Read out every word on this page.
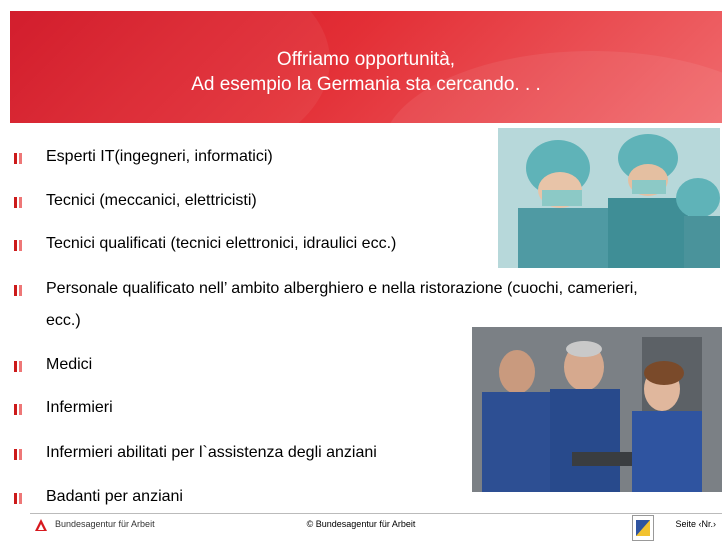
Offriamo opportunità,
Ad esempio la Germania sta cercando. . .
Esperti IT(ingegneri, informatici)
Tecnici (meccanici, elettricisti)
Tecnici qualificati (tecnici elettronici, idraulici ecc.)
Personale qualificato nell’ ambito alberghiero e nella ristorazione (cuochi, camerieri,
ecc.)
Medici
Infermieri
Infermieri abilitati per l`assistenza degli anziani
Badanti per anziani
Bundesagentur für Arbeit	© Bundesagentur für Arbeit	Seite ‹Nr.›
